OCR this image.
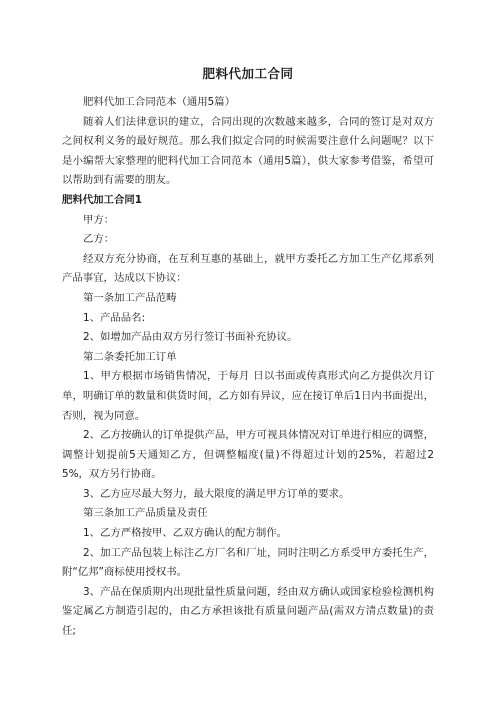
肥料代加工合同

肥料代加工合同范本（通用5篇）

随着人们法律意识的建立，合同出现的次数越来越多，合同的签订是对双方之间权利义务的最好规范。那么我们拟定合同的时候需要注意什么问题呢？以下是小编帮大家整理的肥料代加工合同范本（通用5篇），供大家参考借鉴，希望可以帮助到有需要的朋友。

肥料代加工合同1

甲方：

乙方：

经双方充分协商，在互利互惠的基础上，就甲方委托乙方加工生产亿邦系列产品事宜，达成以下协议：

第一条加工产品范畴

1、产品品名:

2、如增加产品由双方另行签订书面补充协议。

第二条委托加工订单

1、甲方根据市场销售情况，于每月 日以书面或传真形式向乙方提供次月订单，明确订单的数量和供货时间，乙方如有异议，应在接订单后1日内书面提出，否则，视为同意。

2、乙方按确认的订单提供产品，甲方可视具体情况对订单进行相应的调整，调整计划提前5天通知乙方，但调整幅度(量)不得超过计划的25%，若超过25%，双方另行协商。

3、乙方应尽最大努力，最大限度的满足甲方订单的要求。

第三条加工产品质量及责任

1、乙方严格按甲、乙双方确认的配方制作。

2、加工产品包装上标注乙方厂名和厂址，同时注明乙方系受甲方委托生产，附“亿邦”商标使用授权书。

3、产品在保质期内出现批量性质量问题，经由双方确认或国家检验检测机构鉴定属乙方制造引起的，由乙方承担该批有质量问题产品(需双方清点数量)的责任;
